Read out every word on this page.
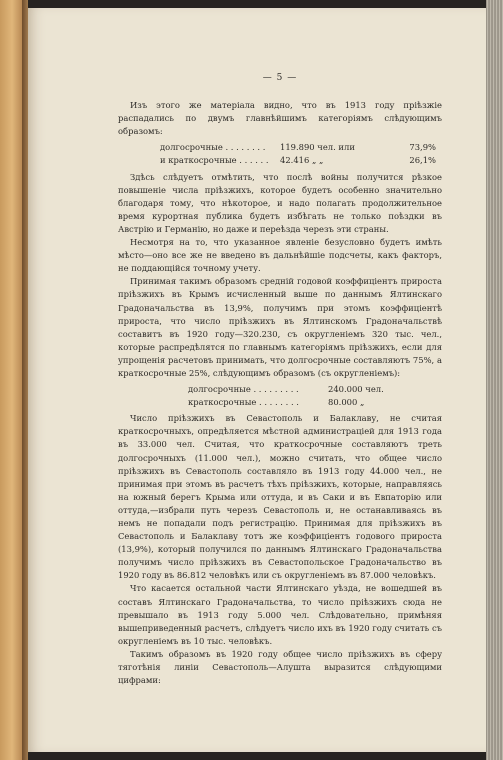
— 5 —

Изъ этого же матеріала видно, что въ 1913 году пріѣзжіе распадались по двумъ главнѣйшимъ категоріямъ слѣдующимъ образомъ:

долгосрочные . . . . . . . .	119.890 чел. или	73,9%
и краткосрочные . . . . . .	42.416 „ „	26,1%

Здѣсь слѣдуетъ отмѣтить, что послѣ войны получится рѣзкое повышеніе числа пріѣзжихъ, которое будетъ особенно значительно благодаря тому, что нѣкоторое, и надо полагать продолжительное время курортная публика будетъ избѣгать не только поѣздки въ Австрію и Германію, но даже и переѣзда черезъ эти страны.

Несмотря на то, что указанное явленіе безусловно будетъ имѣть мѣсто—оно все же не введено въ дальнѣйшіе подсчеты, какъ факторъ, не поддающійся точному учету.

Принимая такимъ образомъ средній годовой коэффиціентъ прироста пріѣзжихъ въ Крымъ исчисленный выше по даннымъ Ялтинскаго Градоначальства въ 13,9%, получимъ при этомъ коэффиціентѣ прироста, что число пріѣзжихъ въ Ялтинскомъ Градоначальствѣ составитъ въ 1920 году—320.230, съ округленіемъ 320 тыс. чел., которые распредѣлятся по главнымъ категоріямъ пріѣзжихъ, если для упрощенія расчетовъ принимать, что долгосрочные составляютъ 75%, а краткосрочные 25%, слѣдующимъ образомъ (съ округленіемъ):

долгосрочные . . . . . . . . .	240.000 чел.
краткосрочные . . . . . . . .	80.000 „

Число пріѣзжихъ въ Севастополь и Балаклаву, не считая краткосрочныхъ, опредѣляется мѣстной администраціей для 1913 года въ 33.000 чел. Считая, что краткосрочные составляютъ треть долгосрочныхъ (11.000 чел.), можно считать, что общее число пріѣзжихъ въ Севастополь составляло въ 1913 году 44.000 чел., не принимая при этомъ въ расчетъ тѣхъ пріѣзжихъ, которые, направляясь на южный берегъ Крыма или оттуда, и въ Саки и въ Евпаторію или оттуда,—избрали путь черезъ Севастополь и, не останавливаясь въ немъ не попадали подъ регистрацію. Принимая для пріѣзжихъ въ Севастополь и Балаклаву тотъ же коэффиціентъ годового прироста (13,9%), который получился по даннымъ Ялтинскаго Градоначальства получимъ число пріѣзжихъ въ Севастопольское Градоначальство въ 1920 году въ 86.812 человѣкъ или съ округленіемъ въ 87.000 человѣкъ.

Что касается остальной части Ялтинскаго уѣзда, не вошедшей въ составъ Ялтинскаго Градоначальства, то число пріѣзжихъ сюда не превышало въ 1913 году 5.000 чел. Слѣдовательно, примѣняя вышеприведенный расчетъ, слѣдуетъ число ихъ въ 1920 году считать съ округленіемъ въ 10 тыс. человѣкъ.

Такимъ образомъ въ 1920 году общее число пріѣзжихъ въ сферу тяготѣнія линіи Севастополь—Алушта выразится слѣдующими цифрами:
